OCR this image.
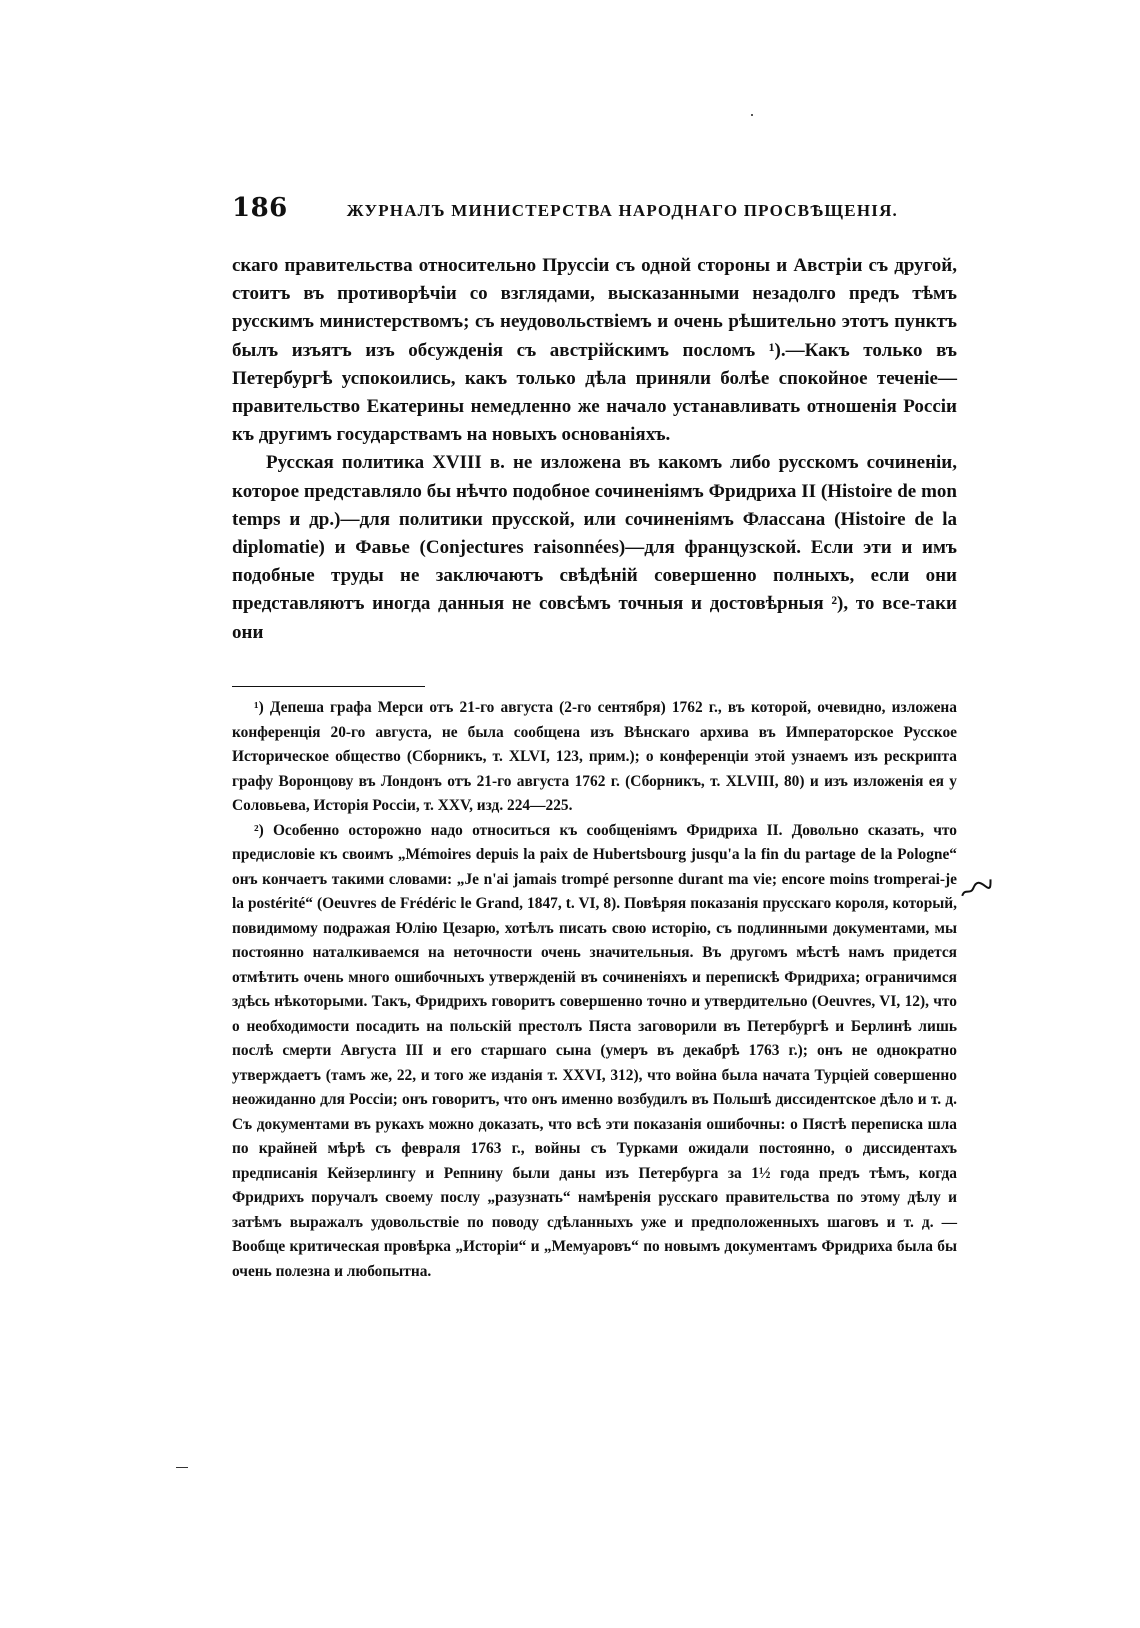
186	ЖУРНАЛЪ МИНИСТЕРСТВА НАРОДНАГО ПРОСВѢЩЕНІЯ.

скаго правительства относительно Пруссіи съ одной стороны и Австріи съ другой, стоитъ въ противорѣчіи со взглядами, высказанными незадолго предъ тѣмъ русскимъ министерствомъ; съ неудовольствіемъ и очень рѣшительно этотъ пунктъ былъ изъятъ изъ обсужденія съ австрійскимъ посломъ ¹).—Какъ только въ Петербургѣ успокоились, какъ только дѣла приняли болѣе спокойное теченіе—правительство Екатерины немедленно же начало устанавливать отношенія Россіи къ другимъ государствамъ на новыхъ основаніяхъ.

Русская политика XVIII в. не изложена въ какомъ либо русскомъ сочиненіи, которое представляло бы нѣчто подобное сочиненіямъ Фридриха II (Histoire de mon temps и др.)—для политики прусской, или сочиненіямъ Флассана (Histoire de la diplomatie) и Фавье (Conjectures raisonnées)—для французской. Если эти и имъ подобные труды не заключаютъ свѣдѣній совершенно полныхъ, если они представляютъ иногда данныя не совсѣмъ точныя и достовѣрныя ²), то все-таки они

¹) Депеша графа Мерси отъ 21-го августа (2-го сентября) 1762 г., въ которой, очевидно, изложена конференція 20-го августа, не была сообщена изъ Вѣнскаго архива въ Императорское Русское Историческое общество (Сборникъ, т. XLVI, 123, прим.); о конференціи этой узнаемъ изъ рескрипта графу Воронцову въ Лондонъ отъ 21-го августа 1762 г. (Сборникъ, т. XLVIII, 80) и изъ изложенія ея у Соловьева, Исторія Россіи, т. XXV, изд. 224—225.

²) Особенно осторожно надо относиться къ сообщеніямъ Фридриха II. Довольно сказать, что предисловіе къ своимъ „Mémoires depuis la paix de Hubertsbourg jusqu'a la fin du partage de la Pologne“ онъ кончаетъ такими словами: „Je n'ai jamais trompé personne durant ma vie; encore moins tromperai-je la postérité“ (Oeuvres de Frédéric le Grand, 1847, t. VI, 8). Повѣряя показанія прусскаго короля, который, повидимому подражая Юлію Цезарю, хотѣлъ писать свою исторію, съ подлинными документами, мы постоянно наталкиваемся на неточности очень значительныя. Въ другомъ мѣстѣ намъ придется отмѣтить очень много ошибочныхъ утвержденій въ сочиненіяхъ и перепискѣ Фридриха; ограничимся здѣсь нѣкоторыми. Такъ, Фридрихъ говоритъ совершенно точно и утвердительно (Oeuvres, VI, 12), что о необходимости посадить на польскій престолъ Пяста заговорили въ Петербургѣ и Берлинѣ лишь послѣ смерти Августа III и его старшаго сына (умеръ въ декабрѣ 1763 г.); онъ не однократно утверждаетъ (тамъ же, 22, и того же изданія т. XXVI, 312), что война была начата Турціей совершенно неожиданно для Россіи; онъ говоритъ, что онъ именно возбудилъ въ Польшѣ диссидентское дѣло и т. д. Съ документами въ рукахъ можно доказать, что всѣ эти показанія ошибочны: о Пястѣ переписка шла по крайней мѣрѣ съ февраля 1763 г., войны съ Турками ожидали постоянно, о диссидентахъ предписанія Кейзерлингу и Репнину были даны изъ Петербурга за 1½ года предъ тѣмъ, когда Фридрихъ поручалъ своему послу „разузнать“ намѣренія русскаго правительства по этому дѣлу и затѣмъ выражалъ удовольствіе по поводу сдѣланныхъ уже и предположенныхъ шаговъ и т. д. — Вообще критическая провѣрка „Исторіи“ и „Мемуаровъ“ по новымъ документамъ Фридриха была бы очень полезна и любопытна.
